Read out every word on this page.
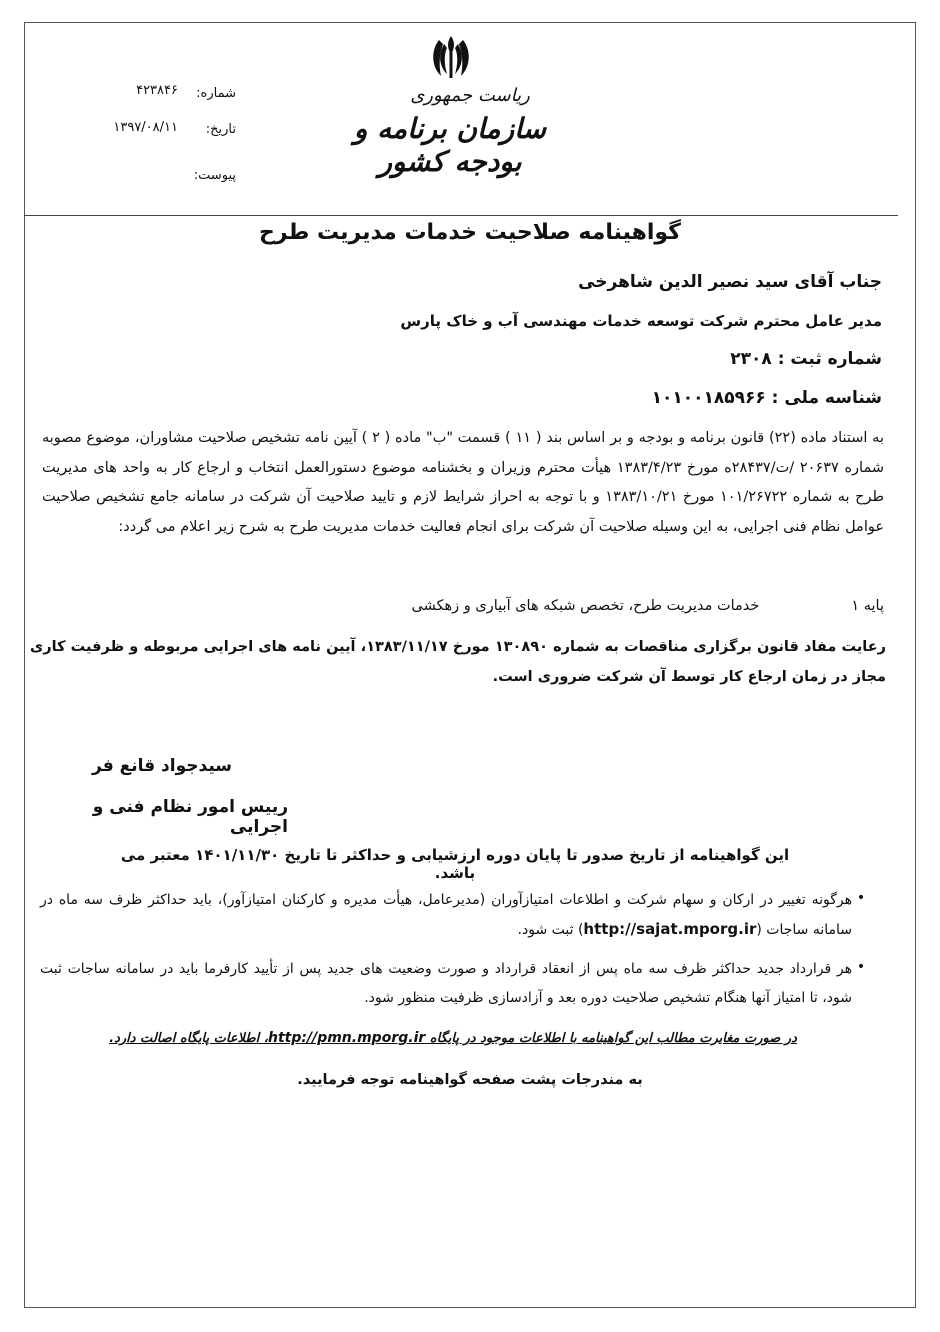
شماره:
۴۲۳۸۴۶
تاریخ:
۱۳۹۷/۰۸/۱۱
پیوست:
ریاست جمهوری
سازمان برنامه و بودجه کشور
گواهینامه صلاحیت خدمات مدیریت طرح
جناب آقای سید نصیر الدین شاهرخی
مدیر عامل محترم شرکت توسعه خدمات مهندسی آب و خاک پارس
شماره ثبت : ۲۳۰۸
شناسه ملی : ۱۰۱۰۰۱۸۵۹۶۶
به استناد ماده (۲۲) قانون برنامه و بودجه و بر اساس بند ( ۱۱ ) قسمت "ب" ماده ( ۲ ) آیین نامه تشخیص صلاحیت مشاوران، موضوع مصوبه شماره ۲۰۶۳۷ /ت/۲۸۴۳۷ه مورخ ۱۳۸۳/۴/۲۳ هیأت محترم وزیران و بخشنامه موضوع دستورالعمل انتخاب و ارجاع کار به واحد های مدیریت طرح به شماره ۱۰۱/۲۶۷۲۲ مورخ ۱۳۸۳/۱۰/۲۱ و با توجه به احراز شرایط لازم و تایید صلاحیت آن شرکت در سامانه جامع تشخیص صلاحیت عوامل نظام فنی اجرایی، به این وسیله صلاحیت آن شرکت برای انجام فعالیت خدمات مدیریت طرح به شرح زیر اعلام می گردد:
پایه ۱ خدمات مدیریت طرح، تخصص شبکه های آبیاری و زهکشی
رعایت مفاد قانون برگزاری مناقصات به شماره ۱۳۰۸۹۰ مورخ ۱۳۸۳/۱۱/۱۷، آیین نامه های اجرایی مربوطه و ظرفیت کاری مجاز در زمان ارجاع کار توسط آن شرکت ضروری است.
سیدجواد قانع فر
رییس امور نظام فنی و اجرایی
این گواهینامه از تاریخ صدور تا پایان دوره ارزشیابی و حداکثر تا تاریخ ۱۴۰۱/۱۱/۳۰ معتبر می باشد.
•
هرگونه تغییر در ارکان و سهام شرکت و اطلاعات امتیازآوران (مدیرعامل، هیأت مدیره و کارکنان امتیازآور)، باید حداکثر ظرف سه ماه در سامانه ساجات (http://sajat.mporg.ir) ثبت شود.
•
هر قرارداد جدید حداکثر ظرف سه ماه پس از انعقاد قرارداد و صورت وضعیت های جدید پس از تأیید کارفرما باید در سامانه ساجات ثبت شود، تا امتیاز آنها هنگام تشخیص صلاحیت دوره بعد و آزادسازی ظرفیت منظور شود.
در صورت مغایرت مطالب این گواهینامه با اطلاعات موجود در پایگاه http://pmn.mporg.ir، اطلاعات پایگاه اصالت دارد.
به مندرجات پشت صفحه گواهینامه توجه فرمایید.
